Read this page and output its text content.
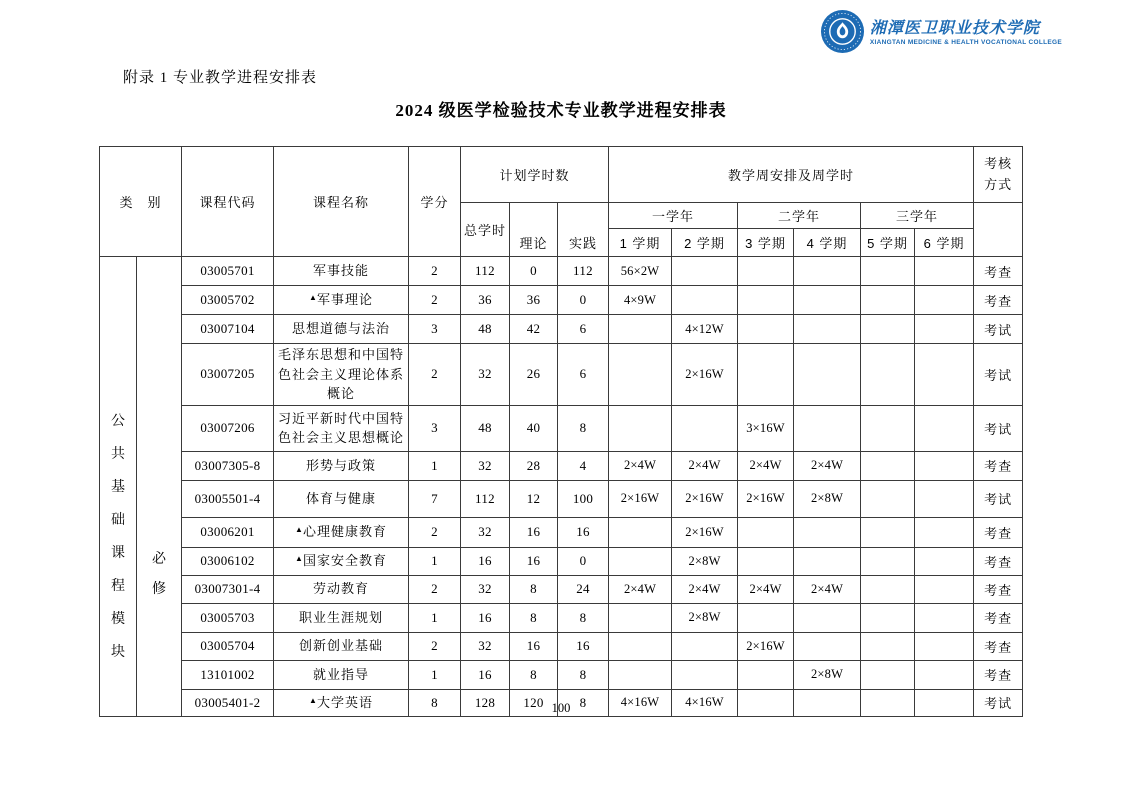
湘潭医卫职业技术学院
XIANGTAN MEDICINE & HEALTH VOCATIONAL COLLEGE
附录 1 专业教学进程安排表
2024 级医学检验技术专业教学进程安排表
类　别		课程代码	课程名称	学分	计划学时数			教学周安排及周学时						考核
方式

					总学时	理论	实践	一学年		二学年		三学年		
								1 学期	2 学期	3 学期	4 学期	5 学期	6 学期	

公共基础课程模块	必修	03005701	军事技能	2	112	0	112	56×2W						考查
		03005702	▲军事理论	2	36	36	0	4×9W						考查
		03007104	思想道德与法治	3	48	42	6		4×12W					考试
		03007205	毛泽东思想和中国特色社会主义理论体系概论	2	32	26	6		2×16W					考试
		03007206	习近平新时代中国特色社会主义思想概论	3	48	40	8			3×16W				考试
		03007305-8	形势与政策	1	32	28	4	2×4W	2×4W	2×4W	2×4W			考查
		03005501-4	体育与健康	7	112	12	100	2×16W	2×16W	2×16W	2×8W			考试
		03006201	▲心理健康教育	2	32	16	16		2×16W					考查
		03006102	▲国家安全教育	1	16	16	0		2×8W					考查
		03007301-4	劳动教育	2	32	8	24	2×4W	2×4W	2×4W	2×4W			考查
		03005703	职业生涯规划	1	16	8	8		2×8W					考查
		03005704	创新创业基础	2	32	16	16			2×16W				考查
		13101002	就业指导	1	16	8	8				2×8W			考查
		03005401-2	▲大学英语	8	128	120	8	4×16W	4×16W					考试
100
